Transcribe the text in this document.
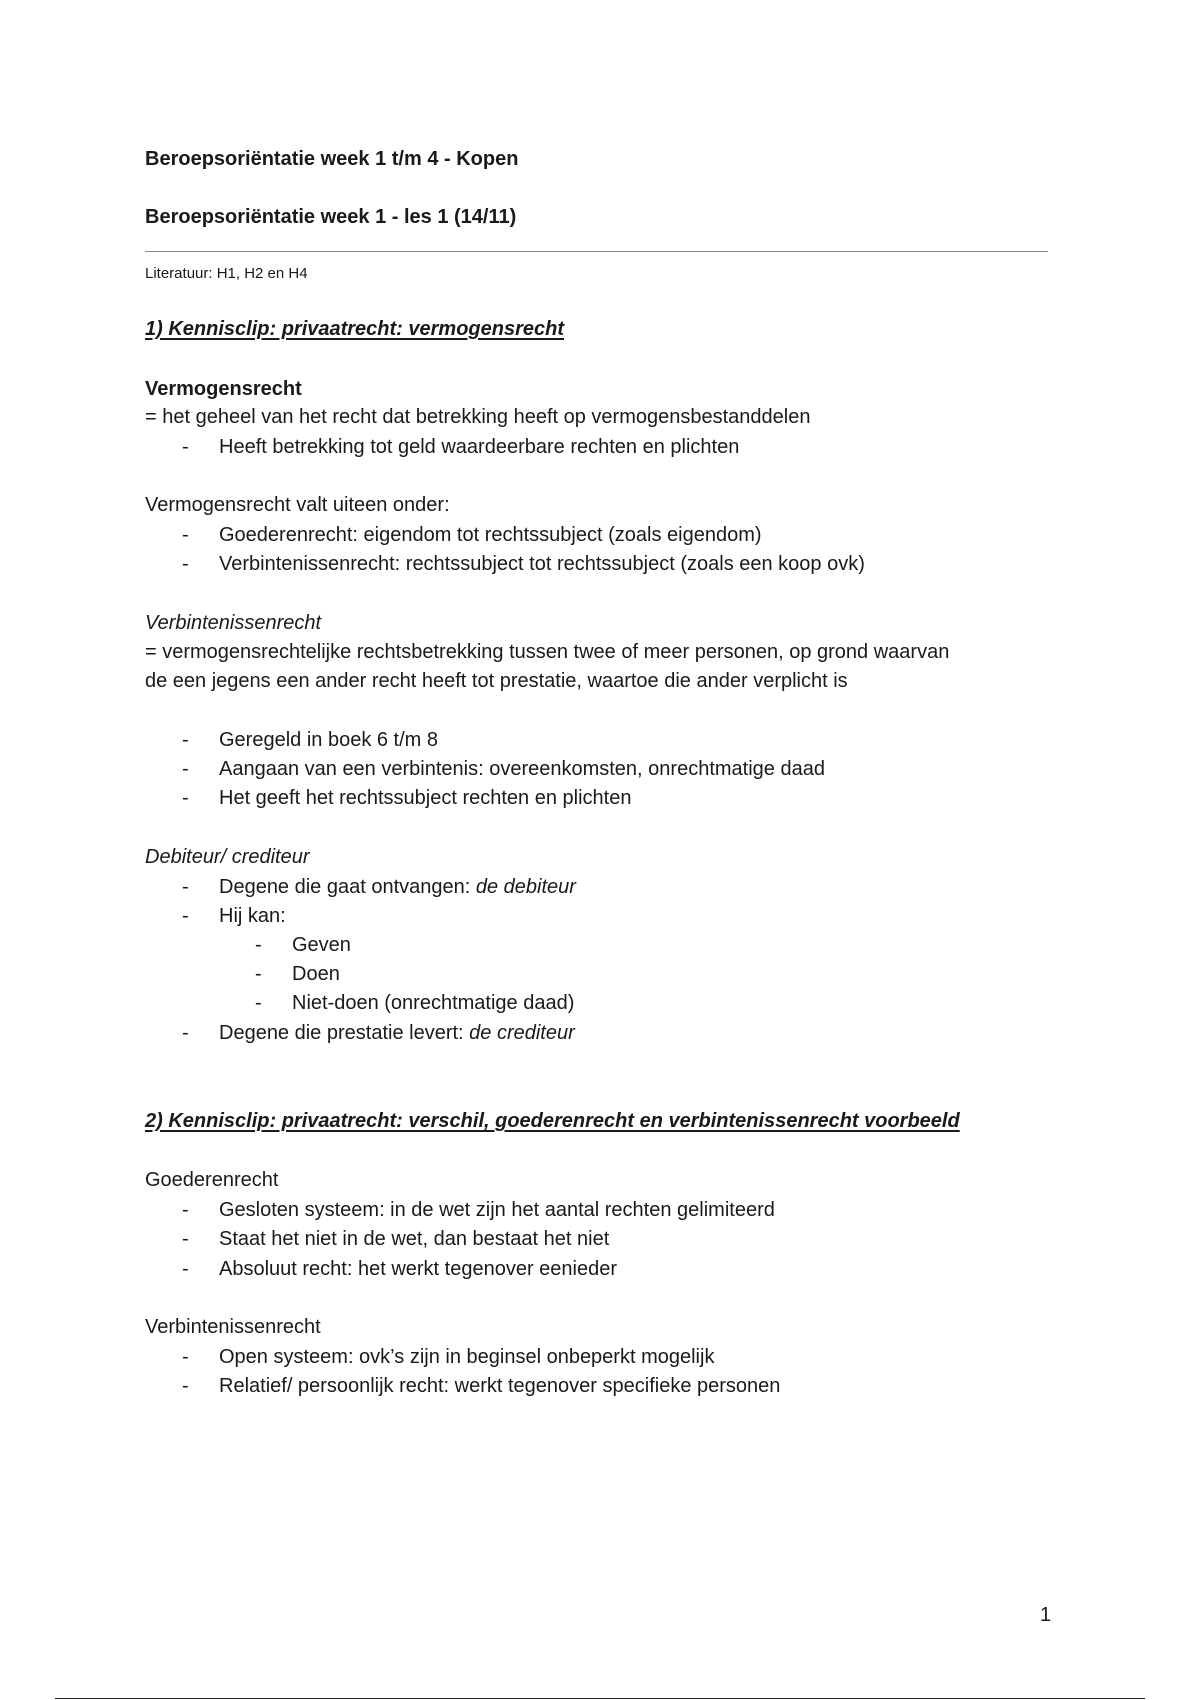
Beroepsoriëntatie week 1 t/m 4 - Kopen
Beroepsoriëntatie week 1 - les 1 (14/11)
Literatuur: H1, H2 en H4
1) Kennisclip: privaatrecht: vermogensrecht
Vermogensrecht
= het geheel van het recht dat betrekking heeft op vermogensbestanddelen
- Heeft betrekking tot geld waardeerbare rechten en plichten
Vermogensrecht valt uiteen onder:
- Goederenrecht: eigendom tot rechtssubject (zoals eigendom)
- Verbintenissenrecht: rechtssubject tot rechtssubject (zoals een koop ovk)
Verbintenissenrecht
= vermogensrechtelijke rechtsbetrekking tussen twee of meer personen, op grond waarvan
de een jegens een ander recht heeft tot prestatie, waartoe die ander verplicht is
- Geregeld in boek 6 t/m 8
- Aangaan van een verbintenis: overeenkomsten, onrechtmatige daad
- Het geeft het rechtssubject rechten en plichten
Debiteur/ crediteur
- Degene die gaat ontvangen: de debiteur
- Hij kan:
- Geven
- Doen
- Niet-doen (onrechtmatige daad)
- Degene die prestatie levert: de crediteur
2) Kennisclip: privaatrecht: verschil, goederenrecht en verbintenissenrecht voorbeeld
Goederenrecht
- Gesloten systeem: in de wet zijn het aantal rechten gelimiteerd
- Staat het niet in de wet, dan bestaat het niet
- Absoluut recht: het werkt tegenover eenieder
Verbintenissenrecht
- Open systeem: ovk’s zijn in beginsel onbeperkt mogelijk
- Relatief/ persoonlijk recht: werkt tegenover specifieke personen
1
